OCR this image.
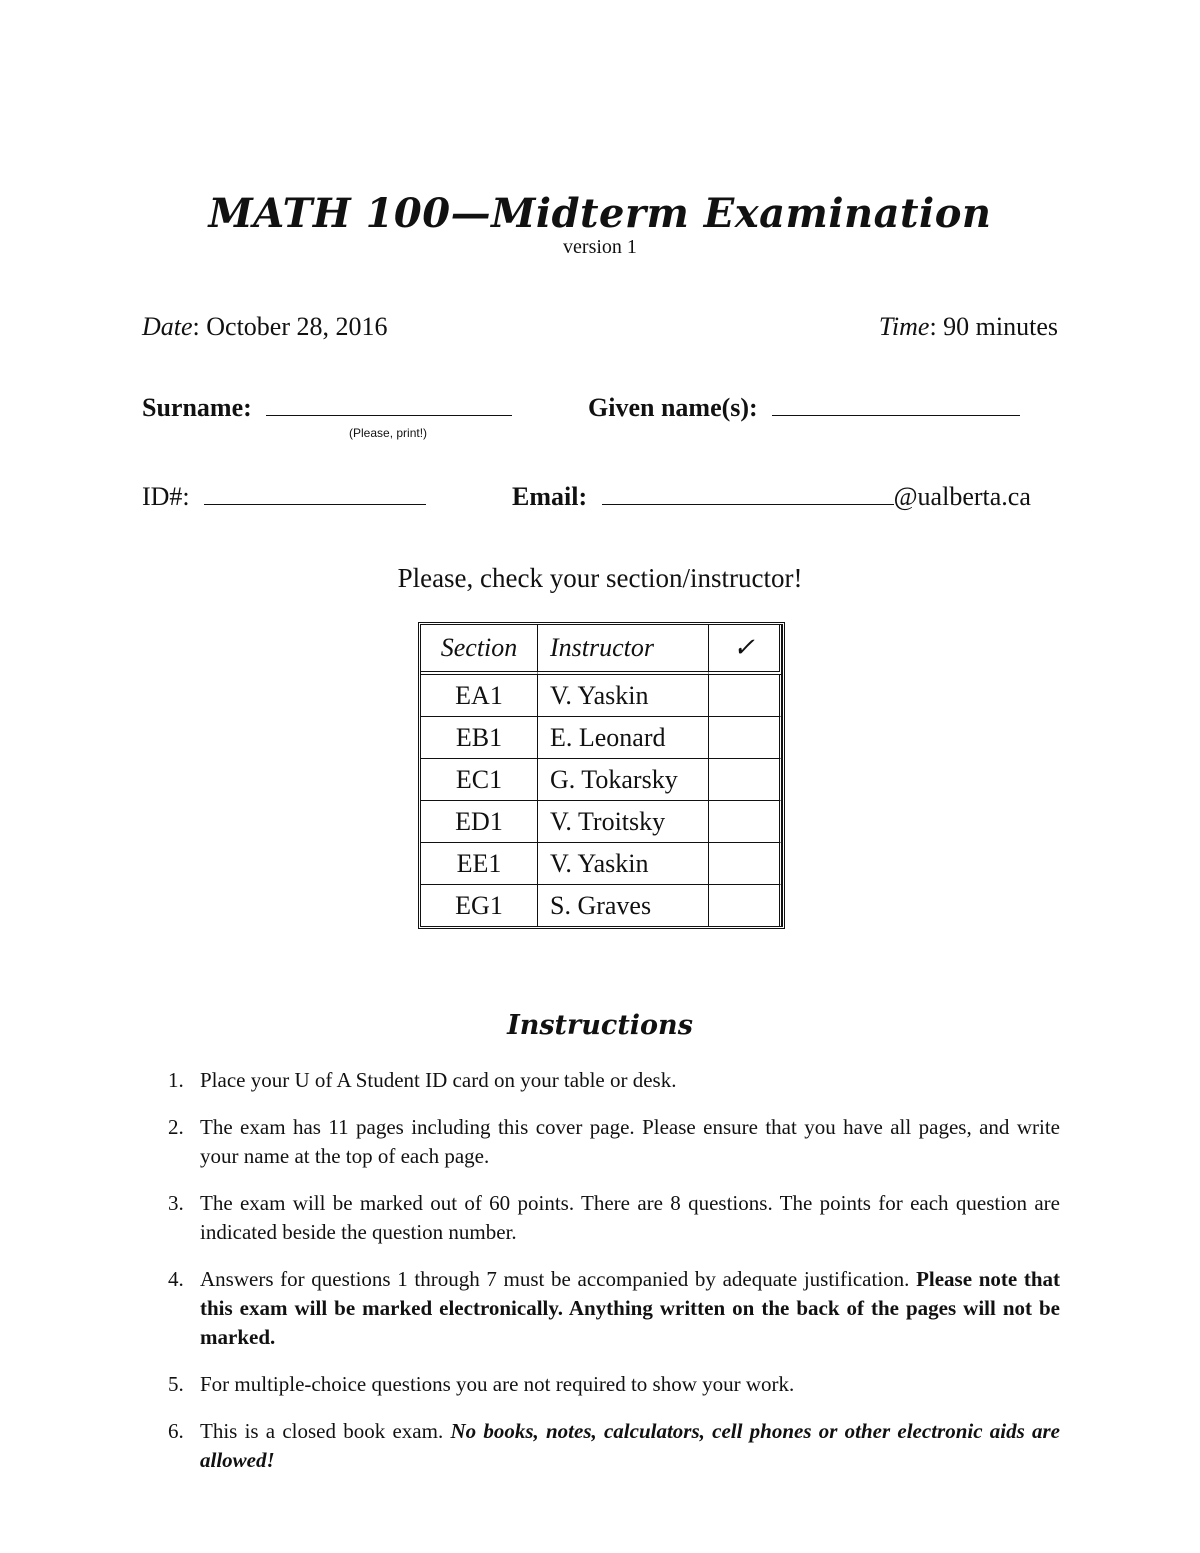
MATH 100—Midterm Examination
version 1
Date: October 28, 2016	Time: 90 minutes
Surname:
(Please, print!)
Given name(s):
ID#:	Email:	@ualberta.ca
Please, check your section/instructor!
Section	Instructor	✓
EA1	V. Yaskin	
EB1	E. Leonard	
EC1	G. Tokarsky	
ED1	V. Troitsky	
EE1	V. Yaskin	
EG1	S. Graves	
Instructions
1. Place your U of A Student ID card on your table or desk.
2. The exam has 11 pages including this cover page. Please ensure that you have all pages, and write your name at the top of each page.
3. The exam will be marked out of 60 points. There are 8 questions. The points for each question are indicated beside the question number.
4. Answers for questions 1 through 7 must be accompanied by adequate justification. Please note that this exam will be marked electronically. Anything written on the back of the pages will not be marked.
5. For multiple-choice questions you are not required to show your work.
6. This is a closed book exam. No books, notes, calculators, cell phones or other electronic aids are allowed!
